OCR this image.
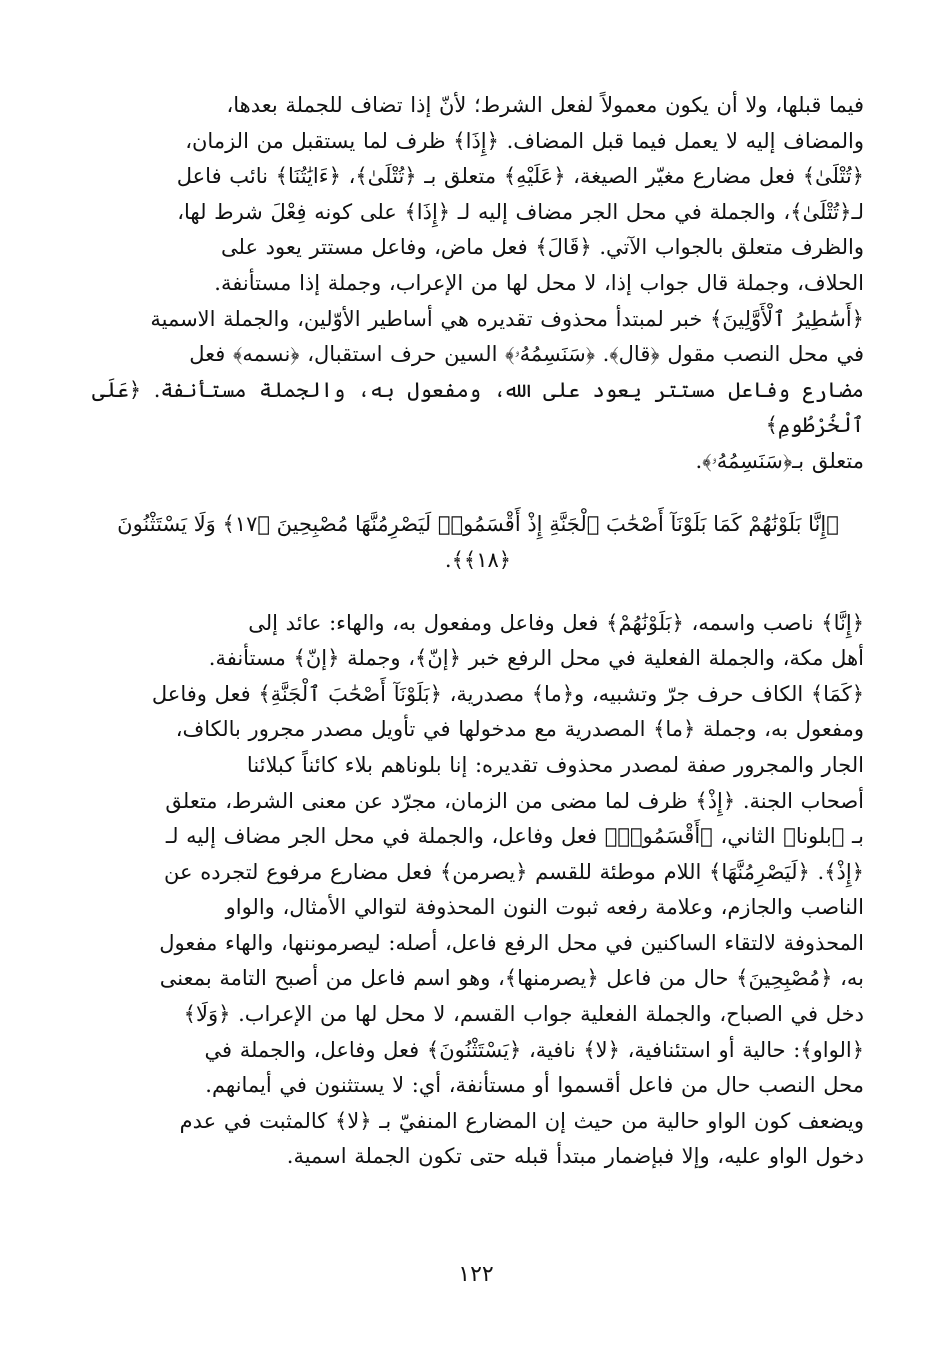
فيما قبلها، ولا أن يكون معمولاً لفعل الشرط؛ لأنّ إذا تضاف للجملة بعدها،

والمضاف إليه لا يعمل فيما قبل المضاف. ﴿إِذَا﴾ ظرف لما يستقبل من الزمان،

﴿تُتْلَىٰ﴾ فعل مضارع مغيّر الصيغة، ﴿عَلَيْهِ﴾ متعلق بـ ﴿تُتْلَىٰ﴾، ﴿ءَايَٰتُنَا﴾ نائب فاعل

لـ﴿تُتْلَىٰ﴾، والجملة في محل الجر مضاف إليه لـ ﴿إِذَا﴾ على كونه فِعْلَ شرط لها،

والظرف متعلق بالجواب الآتي. ﴿قَالَ﴾ فعل ماض، وفاعل مستتر يعود على

الحلاف، وجملة قال جواب إذا، لا محل لها من الإعراب، وجملة إذا مستأنفة.

﴿أَسَٰطِيرُ ٱلْأَوَّلِينَ﴾ خبر لمبتدأ محذوف تقديره هي أساطير الأوّلين، والجملة الاسمية

في محل النصب مقول ﴿قال﴾. ﴿سَنَسِمُهُۥ﴾ السين حرف استقبال، ﴿نسمه﴾ فعل

مضارع وفاعل مستتر يعود على الله، ومفعول به، والجملة مستأنفة. ﴿عَلَى ٱلْخُرْطُومِ﴾

متعلق بـ﴿سَنَسِمُهُۥ﴾.

﴿إِنَّا بَلَوْنَٰهُمْ كَمَا بَلَوْنَآ أَصْحَٰبَ ٱلْجَنَّةِ إِذْ أَقْسَمُوا۟ لَيَصْرِمُنَّهَا مُصْبِحِينَ ﴿١٧﴾ وَلَا يَسْتَثْنُونَ ﴿١٨﴾﴾.

﴿إِنَّا﴾ ناصب واسمه، ﴿بَلَوْنَٰهُمْ﴾ فعل وفاعل ومفعول به، والهاء: عائد إلى

أهل مكة، والجملة الفعلية في محل الرفع خبر ﴿إنّ﴾، وجملة ﴿إنّ﴾ مستأنفة.

﴿كَمَا﴾ الكاف حرف جرّ وتشبيه، و﴿ما﴾ مصدرية، ﴿بَلَوْنَآ أَصْحَٰبَ ٱلْجَنَّةِ﴾ فعل وفاعل

ومفعول به، وجملة ﴿ما﴾ المصدرية مع مدخولها في تأويل مصدر مجرور بالكاف،

الجار والمجرور صفة لمصدر محذوف تقديره: إنا بلوناهم بلاء كائناً كبلائنا

أصحاب الجنة. ﴿إِذْ﴾ ظرف لما مضى من الزمان، مجرّد عن معنى الشرط، متعلق

بـ ﴿بلونا﴾ الثاني، ﴿أَقْسَمُوا۟﴾ فعل وفاعل، والجملة في محل الجر مضاف إليه لـ

﴿إِذْ﴾. ﴿لَيَصْرِمُنَّهَا﴾ اللام موطئة للقسم ﴿يصرمن﴾ فعل مضارع مرفوع لتجرده عن

الناصب والجازم، وعلامة رفعه ثبوت النون المحذوفة لتوالي الأمثال، والواو

المحذوفة لالتقاء الساكنين في محل الرفع فاعل، أصله: ليصرموننها، والهاء مفعول

به، ﴿مُصْبِحِينَ﴾ حال من فاعل ﴿يصرمنها﴾، وهو اسم فاعل من أصبح التامة بمعنى

دخل في الصباح، والجملة الفعلية جواب القسم، لا محل لها من الإعراب. ﴿وَلَا﴾

﴿الواو﴾: حالية أو استئنافية، ﴿لا﴾ نافية، ﴿يَسْتَثْنُونَ﴾ فعل وفاعل، والجملة في

محل النصب حال من فاعل أقسموا أو مستأنفة، أي: لا يستثنون في أيمانهم.

ويضعف كون الواو حالية من حيث إن المضارع المنفيّ بـ ﴿لا﴾ كالمثبت في عدم

دخول الواو عليه، وإلا فبإضمار مبتدأ قبله حتى تكون الجملة اسمية.

١٢٢
